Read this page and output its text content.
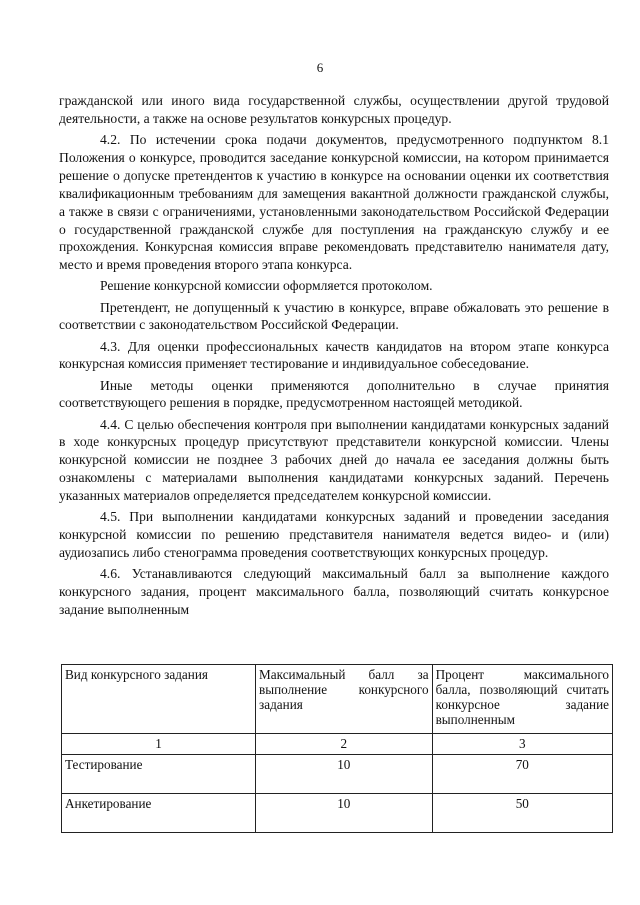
6

гражданской или иного вида государственной службы, осуществлении другой трудовой деятельности, а также на основе результатов конкурсных процедур.

4.2. По истечении срока подачи документов, предусмотренного подпунктом 8.1 Положения о конкурсе, проводится заседание конкурсной комиссии, на котором принимается решение о допуске претендентов к участию в конкурсе на основании оценки их соответствия квалификационным требованиям для замещения вакантной должности гражданской службы, а также в связи с ограничениями, установленными законодательством Российской Федерации о государственной гражданской службе для поступления на гражданскую службу и ее прохождения. Конкурсная комиссия вправе рекомендовать представителю нанимателя дату, место и время проведения второго этапа конкурса.

Решение конкурсной комиссии оформляется протоколом.

Претендент, не допущенный к участию в конкурсе, вправе обжаловать это решение в соответствии с законодательством Российской Федерации.

4.3. Для оценки профессиональных качеств кандидатов на втором этапе конкурса конкурсная комиссия применяет тестирование и индивидуальное собеседование.

Иные методы оценки применяются дополнительно в случае принятия соответствующего решения в порядке, предусмотренном настоящей методикой.

4.4. С целью обеспечения контроля при выполнении кандидатами конкурсных заданий в ходе конкурсных процедур присутствуют представители конкурсной комиссии. Члены конкурсной комиссии не позднее 3 рабочих дней до начала ее заседания должны быть ознакомлены с материалами выполнения кандидатами конкурсных заданий. Перечень указанных материалов определяется председателем конкурсной комиссии.

4.5. При выполнении кандидатами конкурсных заданий и проведении заседания конкурсной комиссии по решению представителя нанимателя ведется видео- и (или) аудиозапись либо стенограмма проведения соответствующих конкурсных процедур.

4.6. Устанавливаются следующий максимальный балл за выполнение каждого конкурсного задания, процент максимального балла, позволяющий считать конкурсное задание выполненным

Вид конкурсного задания	Максимальный балл за выполнение конкурсного задания	Процент максимального балла, позволяющий считать конкурсное задание выполненным

1	2	3
Тестирование	10	70
Анкетирование	10	50
